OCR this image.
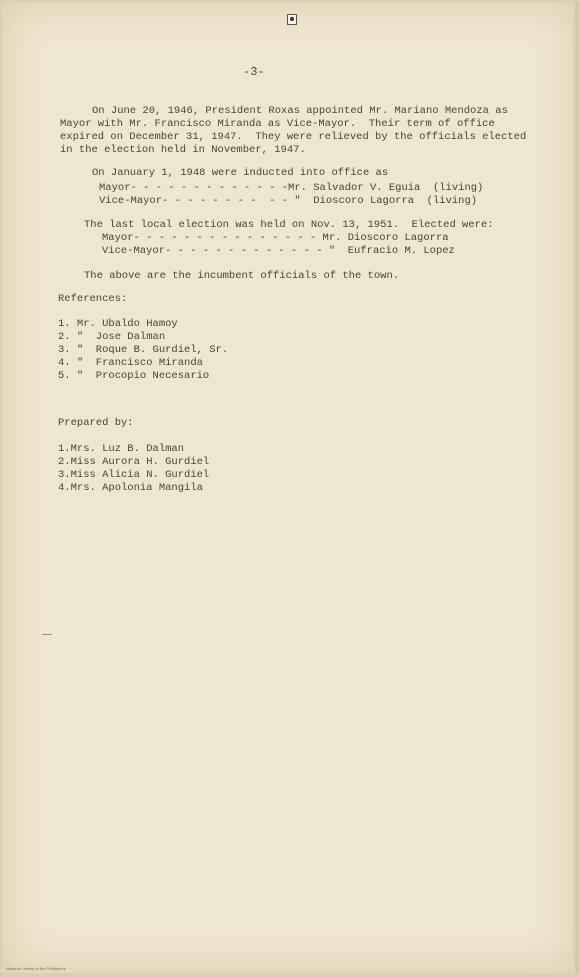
-3-
On June 20, 1946, President Roxas appointed Mr. Mariano Mendoza as
Mayor with Mr. Francisco Miranda as Vice-Mayor.  Their term of office
expired on December 31, 1947.  They were relieved by the officials elected
in the election held in November, 1947.
On January 1, 1948 were inducted into office as
Mayor- - - - - - - - - - - - -Mr. Salvador V. Eguia  (living)
Vice-Mayor- - - - - - - -  - - "  Dioscoro Lagorra  (living)
The last local election was held on Nov. 13, 1951.  Elected were:
Mayor- - - - - - - - - - - - - - - Mr. Dioscoro Lagorra
Vice-Mayor- - - - - - - - - - - - - "  Eufracio M. Lopez
The above are the incumbent officials of the town.
References:
1. Mr. Ubaldo Hamoy
2. "  Jose Dalman
3. "  Roque B. Gurdiel, Sr.
4. "  Francisco Miranda
5. "  Procopio Necesario
Prepared by:
1.Mrs. Luz B. Dalman
2.Miss Aurora H. Gurdiel
3.Miss Alicia N. Gurdiel
4.Mrs. Apolonia Mangila
National Library of the Philippines
